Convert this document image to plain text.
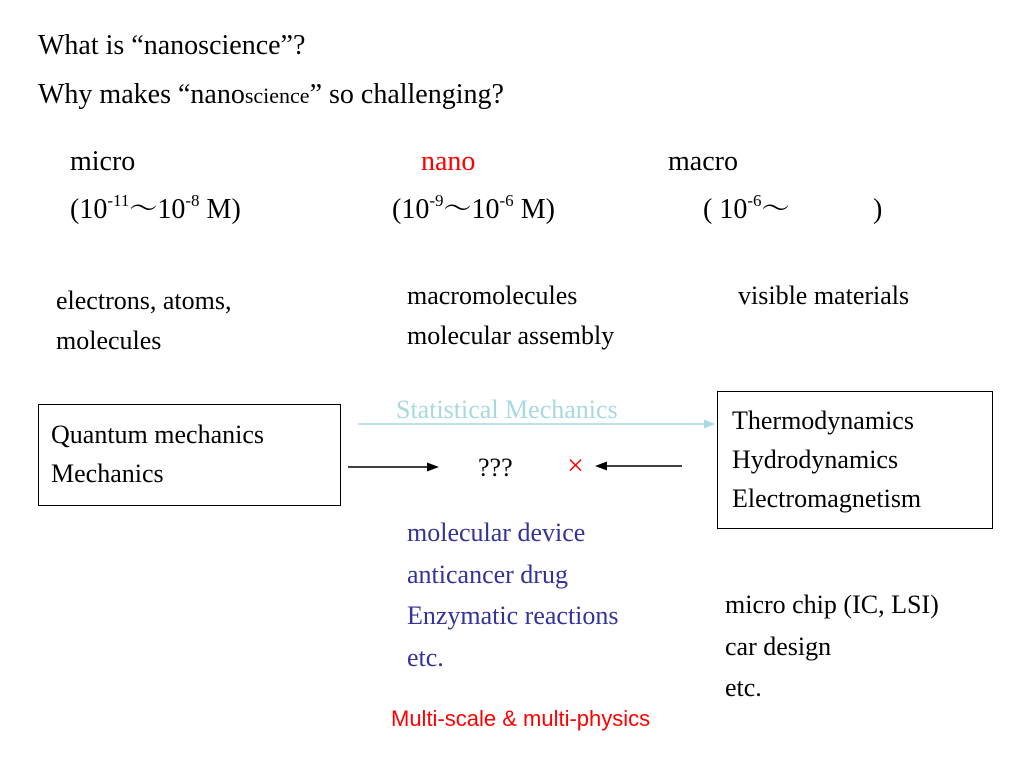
What is “nanoscience”?
Why makes “nanoscience” so challenging?
micro	nano	macro
($10^{-11}\sim 10^{-8}$ M)	($10^{-9}\sim 10^{-6}$ M)	( $10^{-6}\sim$	)
electrons, atoms,
molecules
macromolecules
molecular assembly
visible materials
Quantum mechanics
Mechanics
Thermodynamics
Hydrodynamics
Electromagnetism
Statistical Mechanics
??? ×
molecular device
anticancer drug
Enzymatic reactions
etc.
micro chip (IC, LSI)
car design
etc.
Multi-scale & multi-physics
